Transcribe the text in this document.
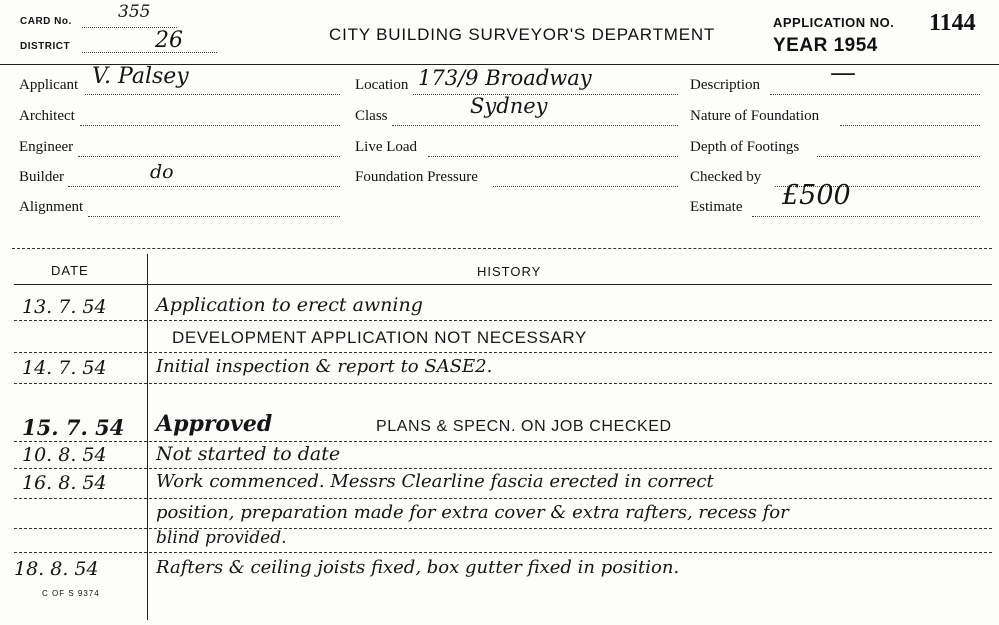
CARD No.	355
DISTRICT	26	CITY BUILDING SURVEYOR'S DEPARTMENT
APPLICATION NO. 1144
YEAR 1954
Applicant V. Palsey
Architect
Engineer
Builder	do
Alignment
Location 173/9 Broadway
Class	Sydney
Live Load
Foundation Pressure
Description	—
Nature of Foundation
Depth of Footings
Checked by
Estimate £500
DATE	HISTORY
13. 7. 54	Application to erect awning
DEVELOPMENT APPLICATION NOT NECESSARY
14. 7. 54	Initial inspection & report to SASE2.
15. 7. 54 Approved	PLANS & SPECN. ON JOB CHECKED
10. 8. 54	Not started to date
16. 8. 54	Work commenced. Messrs Clearline fascia erected in correct
position, preparation made for extra cover & extra rafters, recess for
blind provided.
18. 8. 54	Rafters & ceiling joists fixed, box gutter fixed in position.
C OF S 9374
